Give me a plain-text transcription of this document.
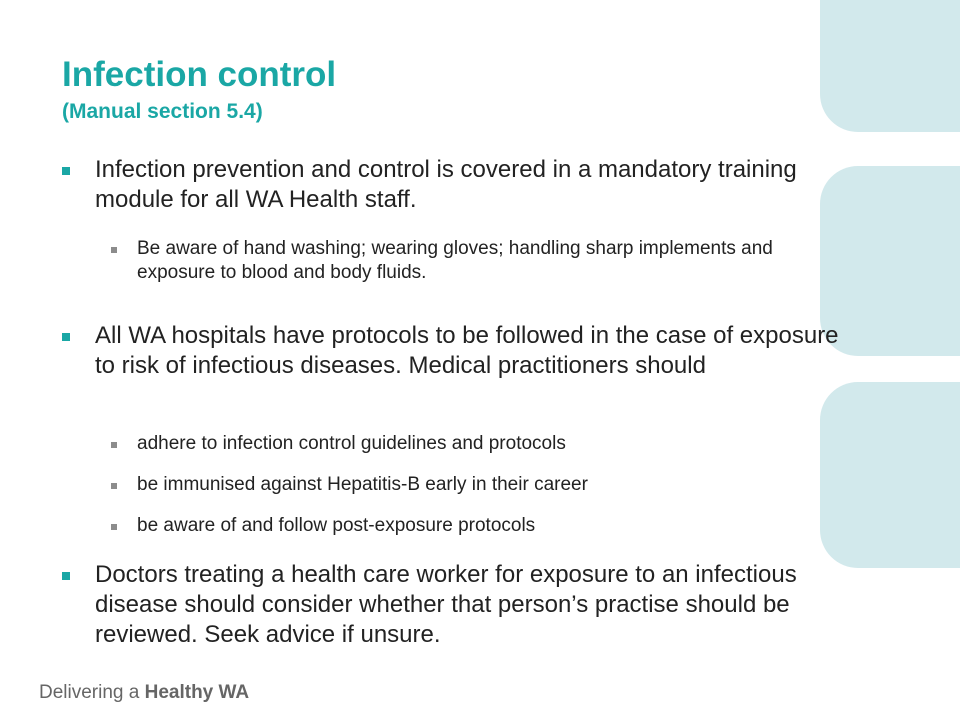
Infection control
(Manual section 5.4)
Infection prevention and control is covered in a mandatory training module for all WA Health staff.
Be aware of hand washing; wearing gloves; handling sharp implements and exposure to blood and body fluids.
All WA hospitals have protocols to be followed in the case of exposure to risk of infectious diseases. Medical practitioners should
adhere to infection control guidelines and protocols
be immunised against Hepatitis-B early in their career
be aware of and follow post-exposure protocols
Doctors treating a health care worker for exposure to an infectious disease should consider whether that person’s practise should be reviewed. Seek advice if unsure.
Delivering a Healthy WA
